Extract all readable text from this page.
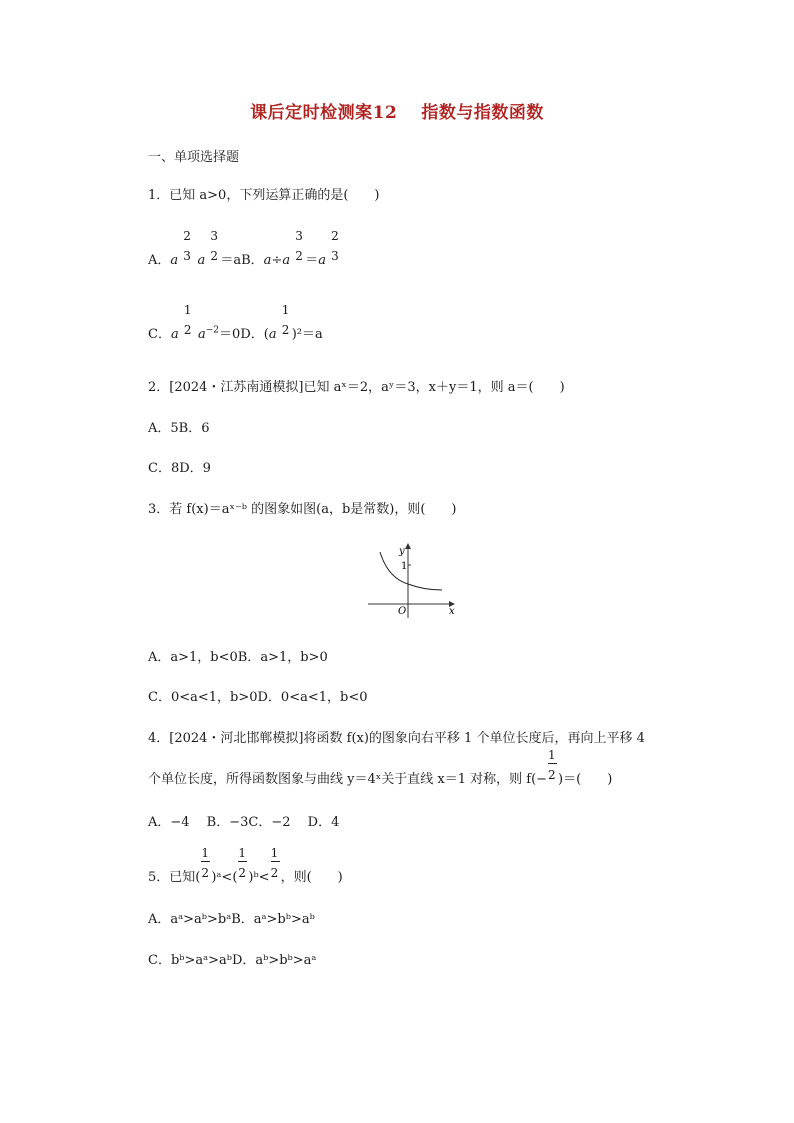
课后定时检测案12 指数与指数函数
一、单项选择题
1．已知 a>0，下列运算正确的是(　　)
A．a
2
3 a
3
2 ＝aB．a÷a
3
2 ＝a
2
3
C．a
1
2 $a^{-2}=0D$．(a
1
2 )²＝a
2．[2024・江苏南通模拟]已知 aˣ＝2，aʸ＝3，x＋y＝1，则 a＝(　　)
A．5B．6
C．8D．9
3．若 f(x)＝aˣ⁻ᵇ 的图象如图(a，b是常数)，则(　　)
y
1
O	x
A．a>1，b<0B．a>1，b>0
C．0<a<1，b>0D．0<a<1，b<0
4．[2024・河北邯郸模拟]将函数 f(x)的图象向右平移 1 个单位长度后，再向上平移 4
个单位长度，所得函数图象与曲线 y＝4ˣ关于直线 x＝1 对称，则 $f(- \frac{1}{2}$ )＝(　　)
A．−4　 B．−3C．−2　 D．4
5．已知( $\frac{1}{2}$ )ᵃ<( $\frac{1}{2}$ )ᵇ< $\frac{1}{2}$ ，则(　　)
A．aᵃ>aᵇ>bᵃB．aᵃ>bᵇ>aᵇ
C．bᵇ>aᵃ>aᵇD．aᵇ>bᵇ>aᵃ
